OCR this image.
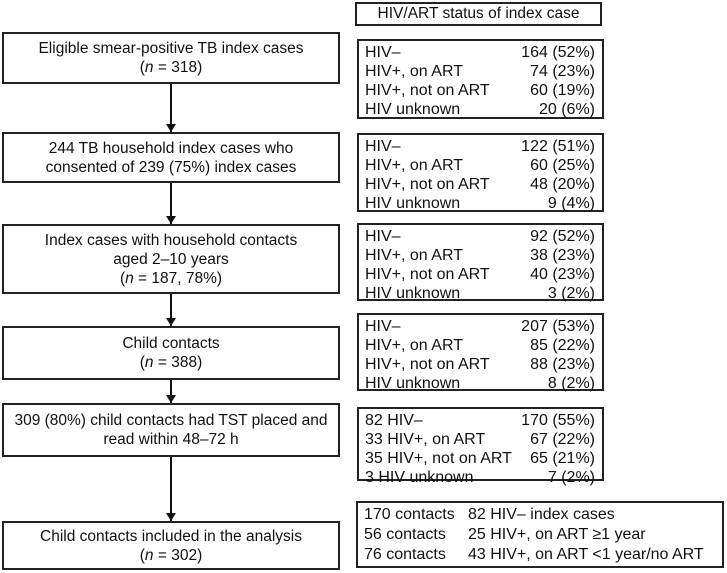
Eligible smear-positive TB index cases
(n = 318)
244 TB household index cases who
consented of 239 (75%) index cases
Index cases with household contacts
aged 2–10 years
(n = 187, 78%)
Child contacts
(n = 388)
309 (80%) child contacts had TST placed and
read within 48–72 h
Child contacts included in the analysis
(n = 302)
HIV/ART status of index case
HIV–	164 (52%)
HIV+, on ART	74 (23%)
HIV+, not on ART	60 (19%)
HIV unknown	20 (6%)
HIV–	122 (51%)
HIV+, on ART	60 (25%)
HIV+, not on ART	48 (20%)
HIV unknown	9 (4%)
HIV–	92 (52%)
HIV+, on ART	38 (23%)
HIV+, not on ART	40 (23%)
HIV unknown	3 (2%)
HIV–	207 (53%)
HIV+, on ART	85 (22%)
HIV+, not on ART	88 (23%)
HIV unknown	8 (2%)
82 HIV–	170 (55%)
33 HIV+, on ART	67 (22%)
35 HIV+, not on ART 65 (21%)
3 HIV unknown	7 (2%)
170 contacts 82 HIV– index cases
56 contacts	25 HIV+, on ART ≥1 year
76 contacts	43 HIV+, on ART <1 year/no ART
